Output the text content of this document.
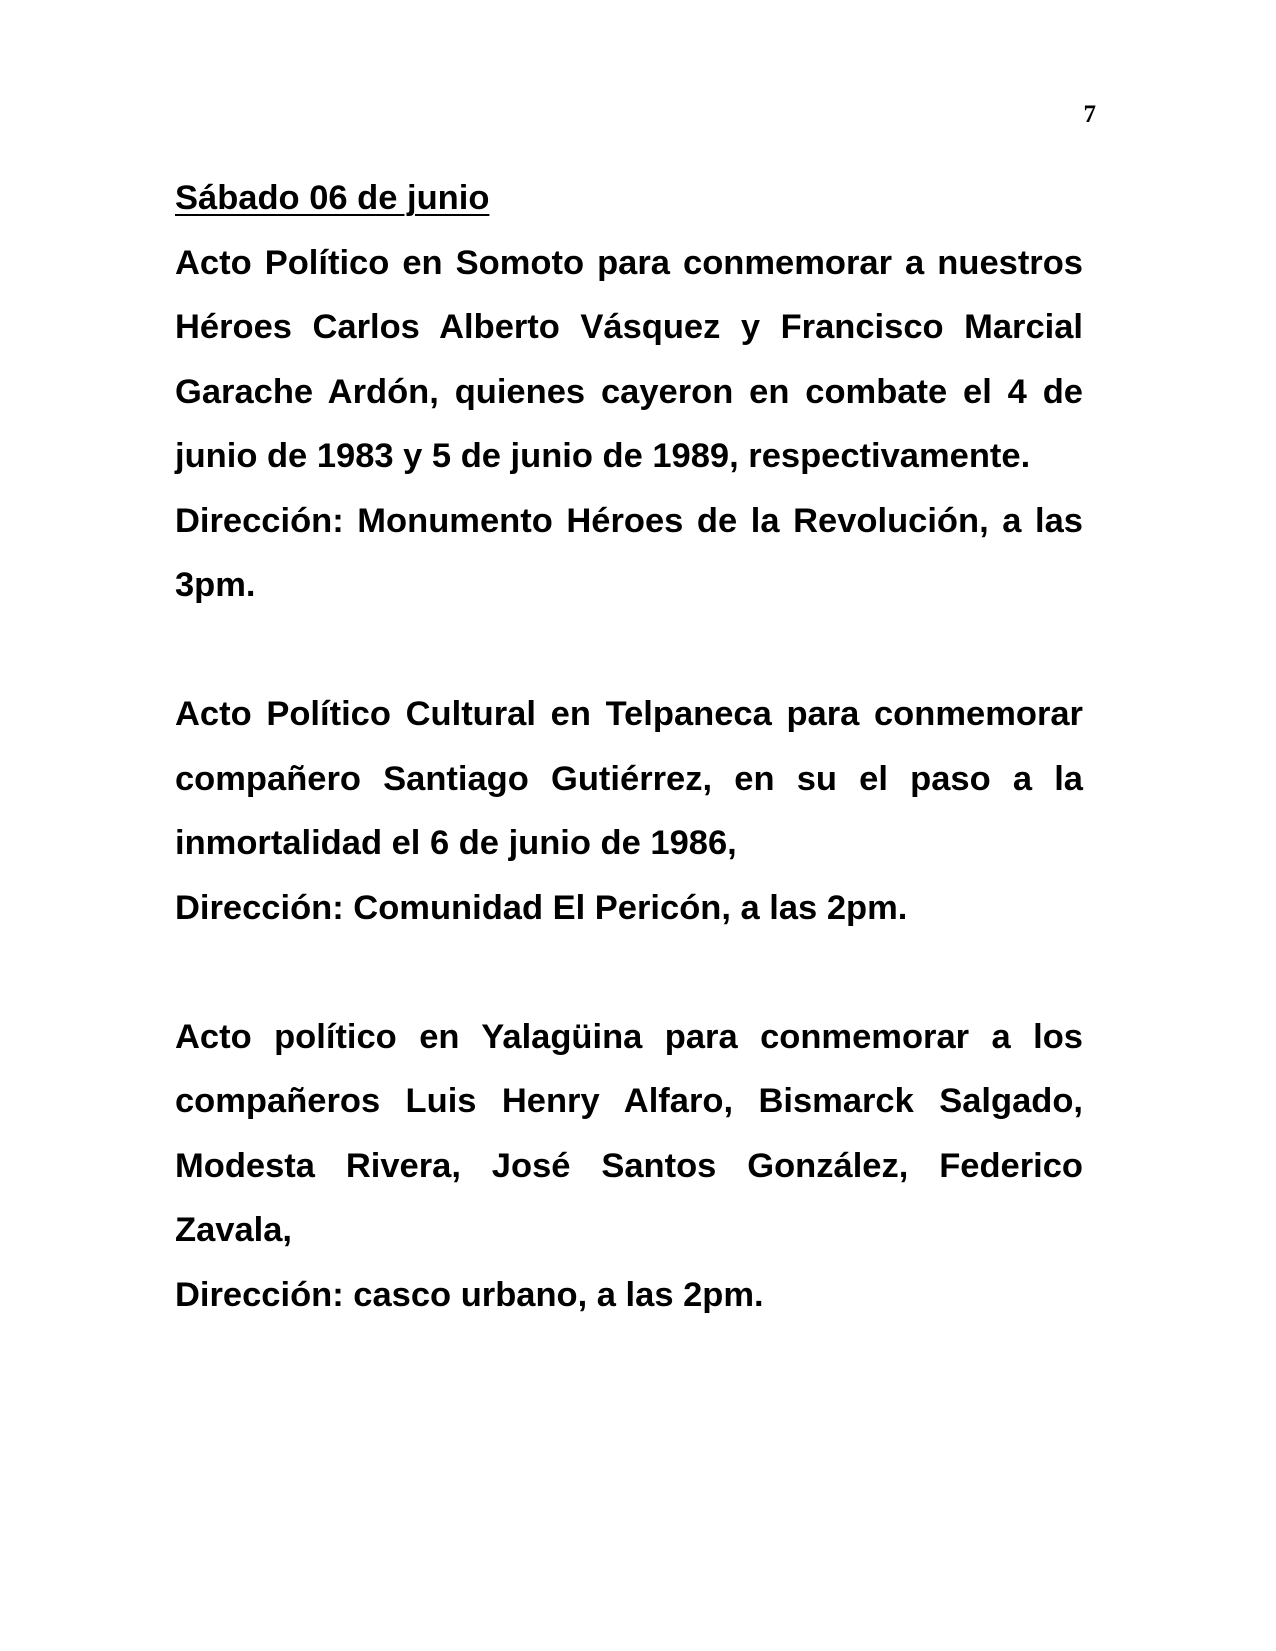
7

Sábado 06 de junio

Acto Político en Somoto para conmemorar a nuestros Héroes Carlos Alberto Vásquez y Francisco Marcial Garache Ardón, quienes cayeron en combate el 4 de junio de 1983 y 5 de junio de 1989, respectivamente.

Dirección: Monumento Héroes de la Revolución, a las 3pm.

Acto Político Cultural en Telpaneca para conmemorar compañero Santiago Gutiérrez, en su el paso a la inmortalidad el 6 de junio de 1986,

Dirección: Comunidad El Pericón, a las 2pm.

Acto político en Yalagüina para conmemorar a los compañeros Luis Henry Alfaro, Bismarck Salgado, Modesta Rivera, José Santos González, Federico Zavala,

Dirección: casco urbano, a las 2pm.
